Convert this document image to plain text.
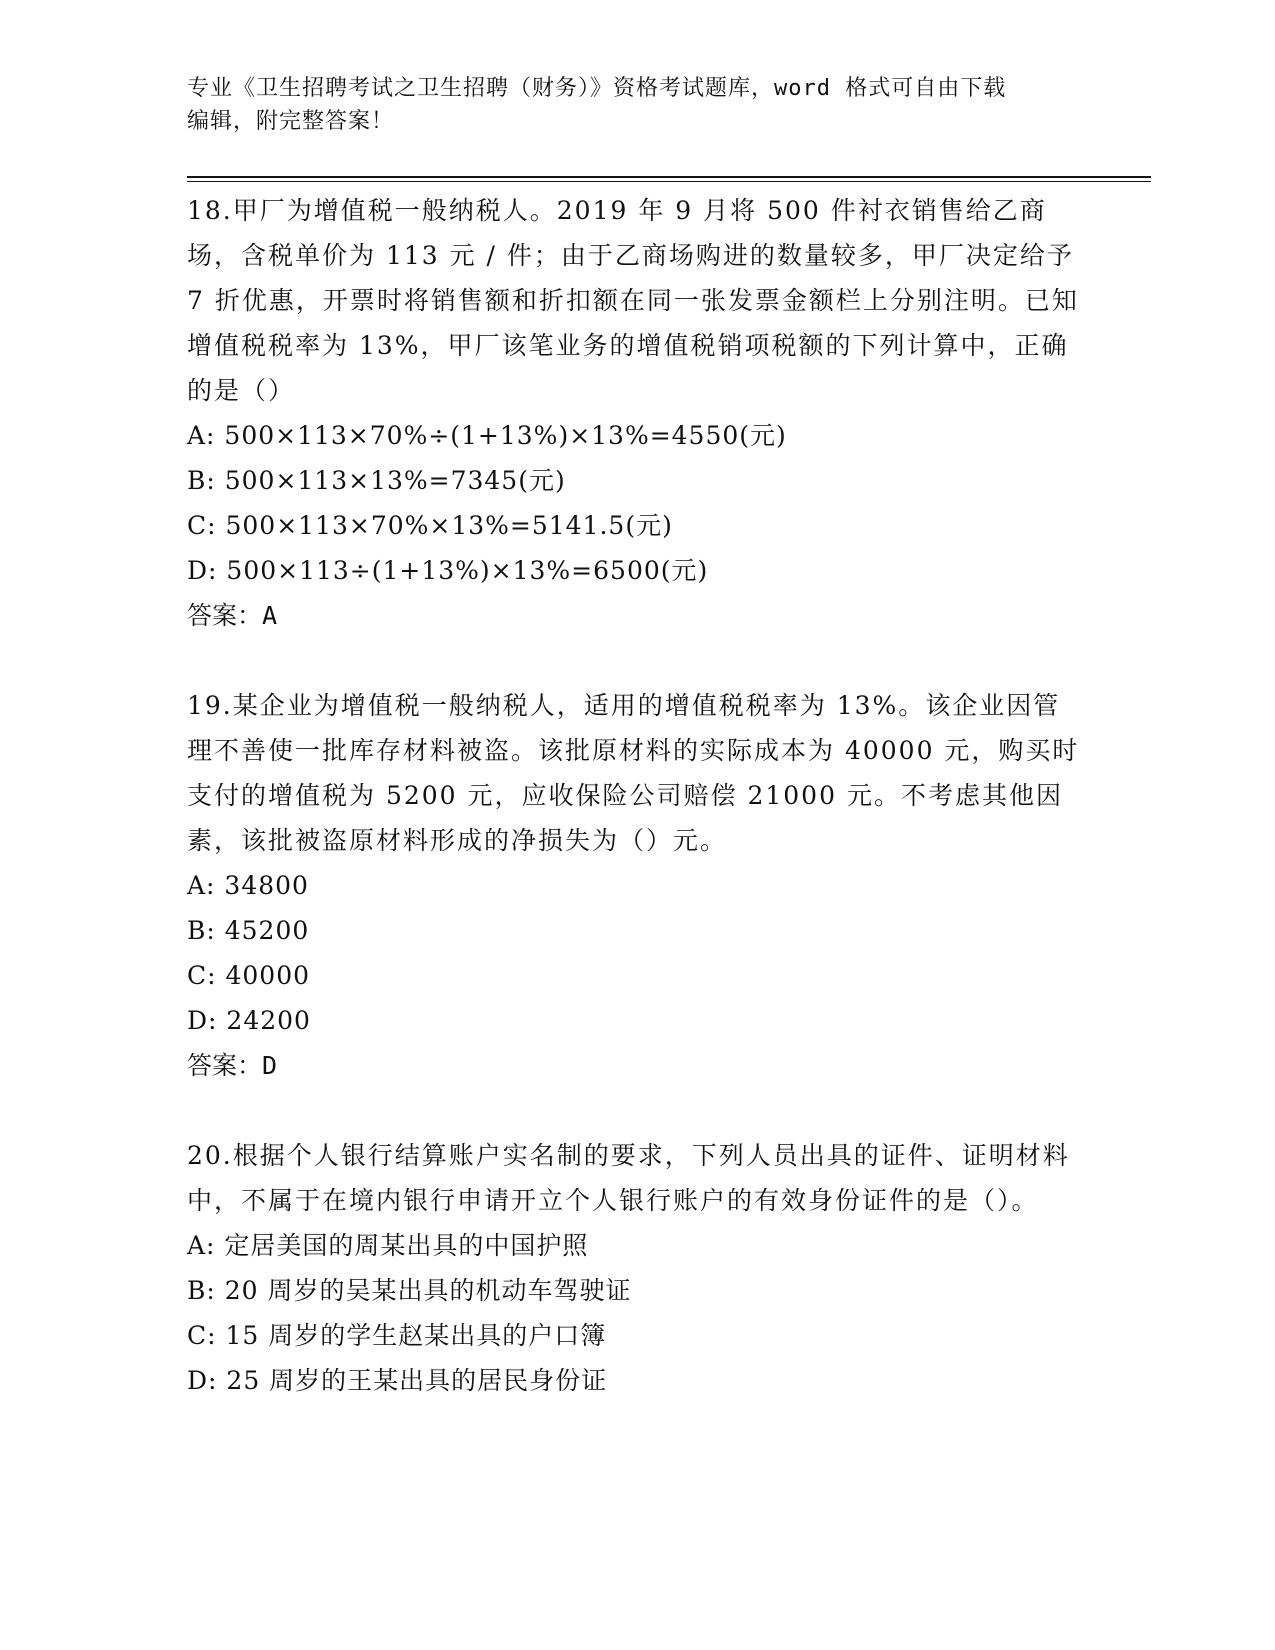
专业《卫生招聘考试之卫生招聘（财务）》资格考试题库，word 格式可自由下载
编辑，附完整答案！

18.甲厂为增值税一般纳税人。2019 年 9 月将 500 件衬衣销售给乙商场，含税单价为 113 元 / 件；由于乙商场购进的数量较多，甲厂决定给予 7 折优惠，开票时将销售额和折扣额在同一张发票金额栏上分别注明。已知增值税税率为 13%，甲厂该笔业务的增值税销项税额的下列计算中，正确的是（）

A: 500×113×70%÷(1+13%)×13%=4550(元)
B: 500×113×13%=7345(元)
C: 500×113×70%×13%=5141.5(元)
D: 500×113÷(1+13%)×13%=6500(元)

答案：A

19.某企业为增值税一般纳税人，适用的增值税税率为 13%。该企业因管理不善使一批库存材料被盗。该批原材料的实际成本为 40000 元，购买时支付的增值税为 5200 元，应收保险公司赔偿 21000 元。不考虑其他因素，该批被盗原材料形成的净损失为（）元。

A: 34800
B: 45200
C: 40000
D: 24200

答案：D

20.根据个人银行结算账户实名制的要求，下列人员出具的证件、证明材料中，不属于在境内银行申请开立个人银行账户的有效身份证件的是（）。

A: 定居美国的周某出具的中国护照
B: 20 周岁的吴某出具的机动车驾驶证
C: 15 周岁的学生赵某出具的户口簿
D: 25 周岁的王某出具的居民身份证
